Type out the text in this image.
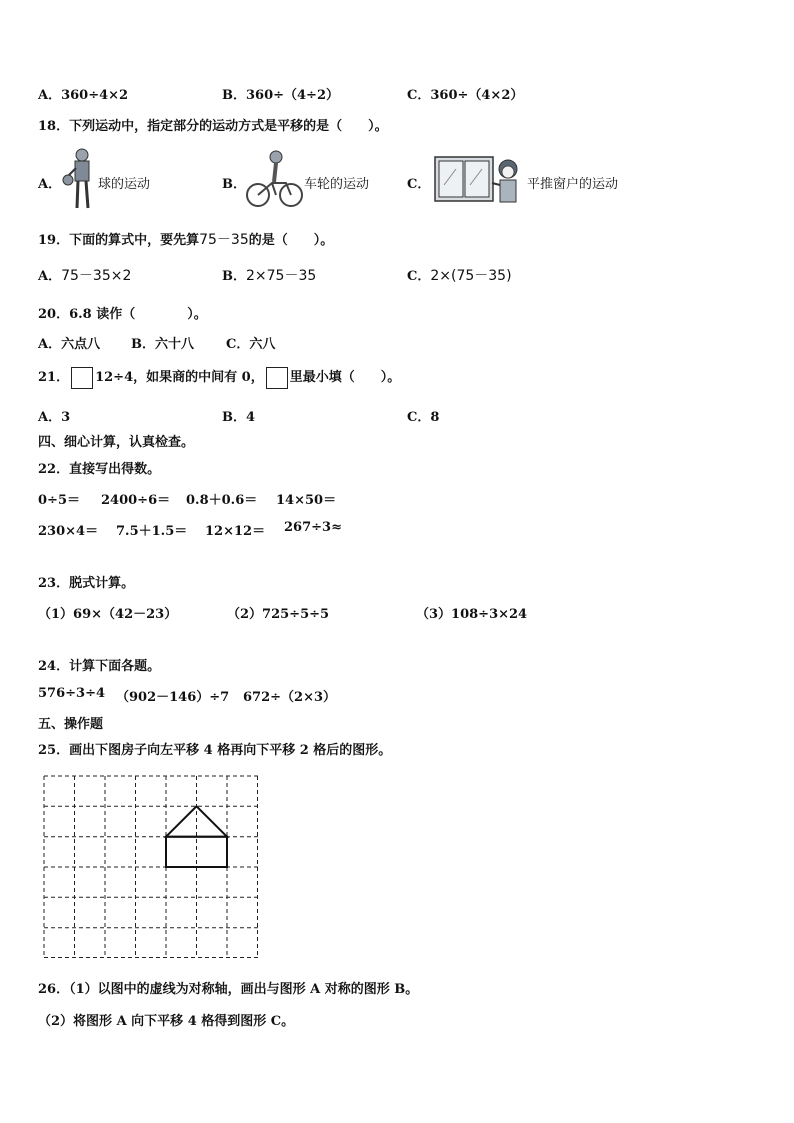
A．360÷4×2	B．360÷（4÷2）	C．360÷（4×2）
18．下列运动中，指定部分的运动方式是平移的是（　　）。
A．	球的运动	B．	车轮的运动	C．	平推窗户的运动
19．下面的算式中，要先算75－35的是（　　）。
A．75－35×2	B．2×75－35	C．2×(75－35)
20．6.8 读作（　　　　）。
A．六点八 B．六十八 C．六八
21． 12÷4，如果商的中间有 0， 里最小填（　　）。
A．3	B．4	C．8
四、细心计算，认真检查。
22．直接写出得数。
0÷5＝ 2400÷6＝ 0.8＋0.6＝ 14×50＝
230×4＝ 7.5＋1.5＝ 12×12＝ 267÷3≈
23．脱式计算。
（1）69×（42－23）	（2）725÷5÷5	（3）108÷3×24
24．计算下面各题。
576÷3÷4 （902－146）÷7 672÷（2×3）
五、操作题
25．画出下图房子向左平移 4 格再向下平移 2 格后的图形。
26．（1）以图中的虚线为对称轴，画出与图形 A 对称的图形 B。
（2）将图形 A 向下平移 4 格得到图形 C。
